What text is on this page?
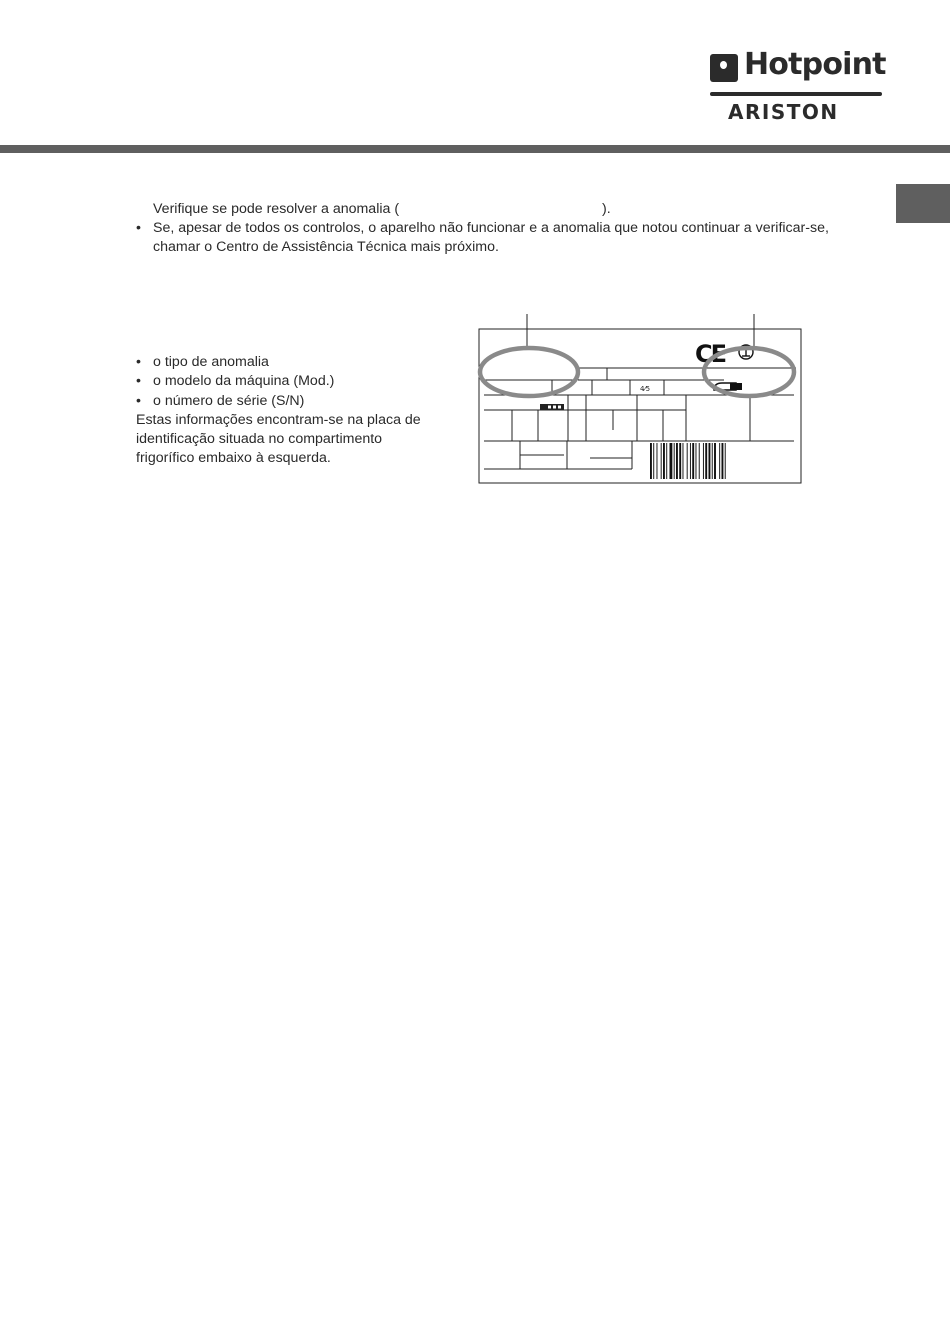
Hotpoint
ARISTON
Verifique se pode resolver a anomalia (	).
• Se, apesar de todos os controlos, o aparelho não funcionar e a anomalia que notou continuar a verificar-se, chamar o Centro de Assistência Técnica mais próximo.
• o tipo de anomalia
• o modelo da máquina (Mod.)
• o número de série (S/N)
Estas informações encontram-se na placa de
identificação situada no compartimento
frigorífico embaixo à esquerda.
4⁄5
CE
